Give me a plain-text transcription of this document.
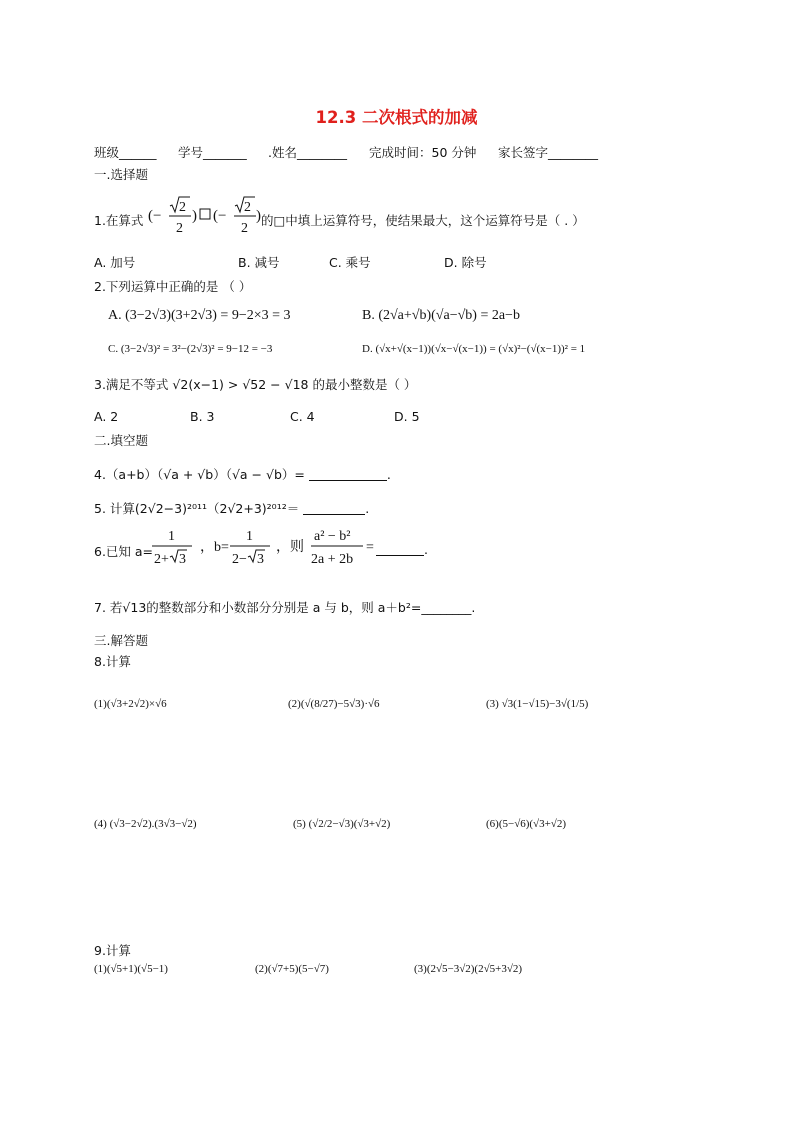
12.3 二次根式的加减
班级______ 学号_______ .姓名________ 完成时间：50 分钟 家长签字________
一.选择题
1.在算式 (−
2
2
) (−
2
2
) 的□中填上运算符号，使结果最大，这个运算符号是（ . ）
A. 加号	B. 减号	C. 乘号	D. 除号
2.下列运算中正确的是 （ ）
A. (3−2√3)(3+2√3) = 9−2×3 = 3	B. (2√a+√b)(√a−√b) = 2a−b
C. (3−2√3)² = 3²−(2√3)² = 9−12 = −3	D. (√x+√(x−1))(√x−√(x−1)) = (√x)²−(√(x−1))² = 1
3.满足不等式 √2(x−1) > √52 − √18 的最小整数是（ ）
A. 2	B. 3	C. 4	D. 5
二.填空题
4.（a+b）（√a + √b）（√a − √b）=	.
5. 计算(2√2−3)²⁰¹¹（2√2+3)²⁰¹²＝	.
6.已知 a=
1
2+ 3
，b=
1
2− 3
，则
a² − b²
2a + 2b
=	.
7. 若√13的整数部分和小数部分分别是 a 与 b，则 a＋b²=________.
三.解答题
8.计算
(1)(√3+2√2)×√6	(2)(√(8/27)−5√3)·√6	(3) √3(1−√15)−3√(1/5)
(4) (√3−2√2).(3√3−√2)	(5) (√2/2−√3)(√3+√2)	(6)(5−√6)(√3+√2)
9.计算
(1)(√5+1)(√5−1)	(2)(√7+5)(5−√7)	(3)(2√5−3√2)(2√5+3√2)
